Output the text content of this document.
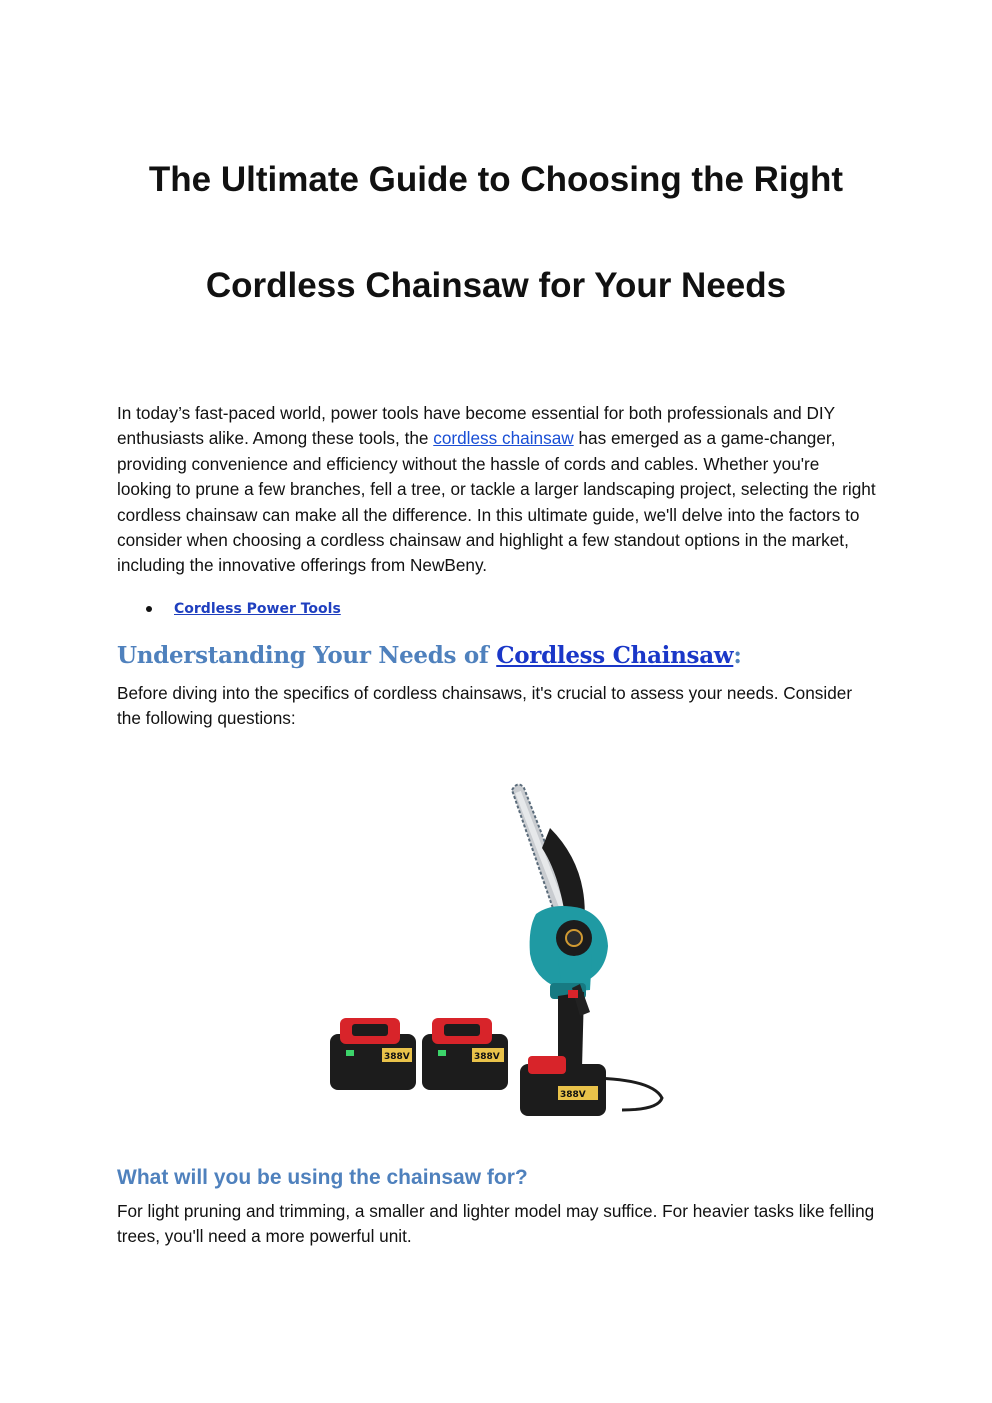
The Ultimate Guide to Choosing the Right
Cordless Chainsaw for Your Needs

In today’s fast-paced world, power tools have become essential for both professionals and DIY enthusiasts alike. Among these tools, the cordless chainsaw has emerged as a game-changer, providing convenience and efficiency without the hassle of cords and cables. Whether you're looking to prune a few branches, fell a tree, or tackle a larger landscaping project, selecting the right cordless chainsaw can make all the difference. In this ultimate guide, we'll delve into the factors to consider when choosing a cordless chainsaw and highlight a few standout options in the market, including the innovative offerings from NewBeny.

Cordless Power Tools
Understanding Your Needs of Cordless Chainsaw:

Before diving into the specifics of cordless chainsaws, it's crucial to assess your needs. Consider the following questions:

388V
388V	388V
What will you be using the chainsaw for?

For light pruning and trimming, a smaller and lighter model may suffice. For heavier tasks like felling trees, you'll need a more powerful unit.
